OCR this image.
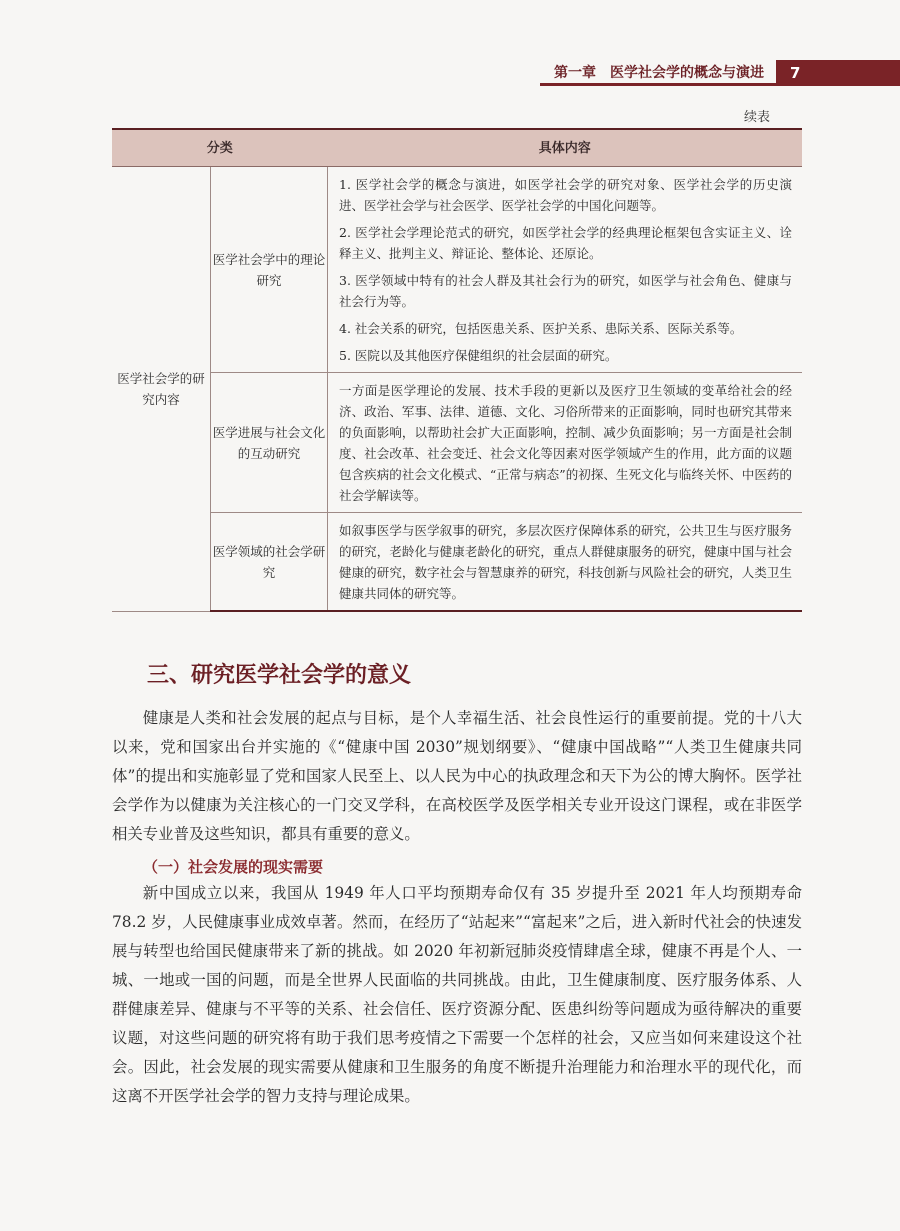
第一章　医学社会学的概念与演进	7
续表
分类		具体内容
医学社会学的研究内容	医学社会学中的理论研究	1. 医学社会学的概念与演进，如医学社会学的研究对象、医学社会学的历史演进、医学社会学与社会医学、医学社会学的中国化问题等。
2. 医学社会学理论范式的研究，如医学社会学的经典理论框架包含实证主义、诠释主义、批判主义、辩证论、整体论、还原论。
3. 医学领域中特有的社会人群及其社会行为的研究，如医学与社会角色、健康与社会行为等。
4. 社会关系的研究，包括医患关系、医护关系、患际关系、医际关系等。
5. 医院以及其他医疗保健组织的社会层面的研究。

	医学进展与社会文化的互动研究	一方面是医学理论的发展、技术手段的更新以及医疗卫生领域的变革给社会的经济、政治、军事、法律、道德、文化、习俗所带来的正面影响，同时也研究其带来的负面影响，以帮助社会扩大正面影响，控制、减少负面影响；另一方面是社会制度、社会改革、社会变迁、社会文化等因素对医学领域产生的作用，此方面的议题包含疾病的社会文化模式、“正常与病态”的初探、生死文化与临终关怀、中医药的社会学解读等。
	医学领域的社会学研究	如叙事医学与医学叙事的研究，多层次医疗保障体系的研究，公共卫生与医疗服务的研究，老龄化与健康老龄化的研究，重点人群健康服务的研究，健康中国与社会健康的研究，数字社会与智慧康养的研究，科技创新与风险社会的研究，人类卫生健康共同体的研究等。
三、研究医学社会学的意义
健康是人类和社会发展的起点与目标，是个人幸福生活、社会良性运行的重要前提。党的十八大以来，党和国家出台并实施的《“健康中国 2030”规划纲要》、“健康中国战略”“人类卫生健康共同体”的提出和实施彰显了党和国家人民至上、以人民为中心的执政理念和天下为公的博大胸怀。医学社会学作为以健康为关注核心的一门交叉学科，在高校医学及医学相关专业开设这门课程，或在非医学相关专业普及这些知识，都具有重要的意义。
（一）社会发展的现实需要
新中国成立以来，我国从 1949 年人口平均预期寿命仅有 35 岁提升至 2021 年人均预期寿命 78.2 岁，人民健康事业成效卓著。然而，在经历了“站起来”“富起来”之后，进入新时代社会的快速发展与转型也给国民健康带来了新的挑战。如 2020 年初新冠肺炎疫情肆虐全球，健康不再是个人、一城、一地或一国的问题，而是全世界人民面临的共同挑战。由此，卫生健康制度、医疗服务体系、人群健康差异、健康与不平等的关系、社会信任、医疗资源分配、医患纠纷等问题成为亟待解决的重要议题，对这些问题的研究将有助于我们思考疫情之下需要一个怎样的社会，又应当如何来建设这个社会。因此，社会发展的现实需要从健康和卫生服务的角度不断提升治理能力和治理水平的现代化，而这离不开医学社会学的智力支持与理论成果。
